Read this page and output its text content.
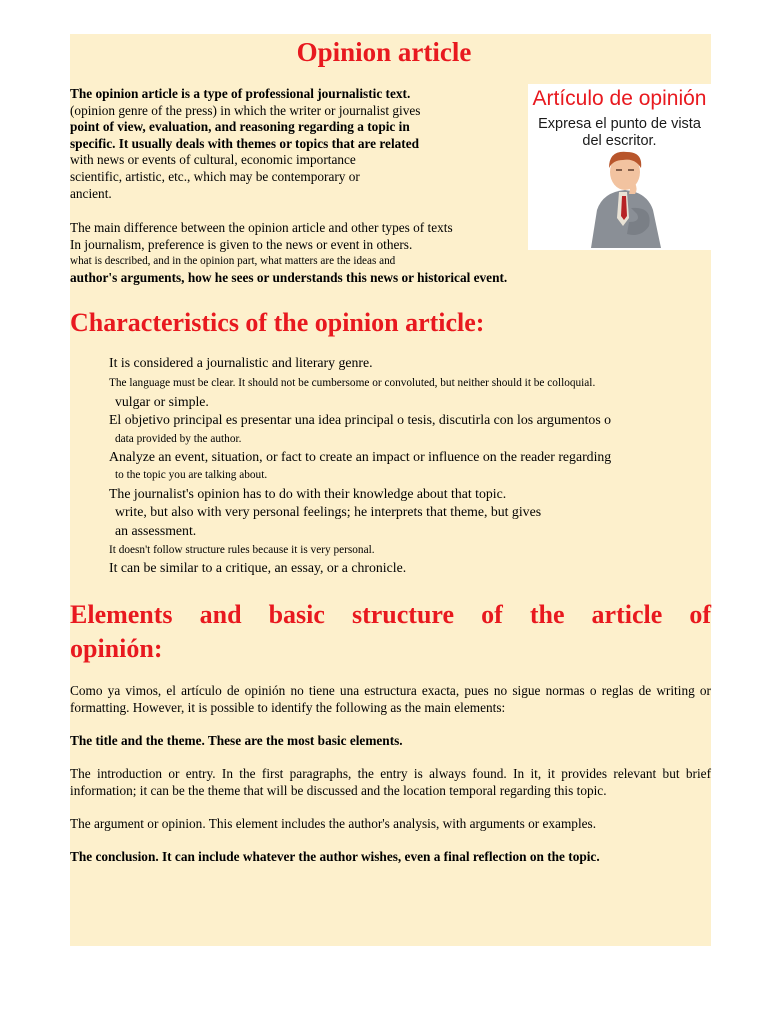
Opinion article

The opinion article is a type of professional journalistic text.

(opinion genre of the press) in which the writer or journalist gives

point of view, evaluation, and reasoning regarding a topic in

specific. It usually deals with themes or topics that are related

with news or events of cultural, economic importance

scientific, artistic, etc., which may be contemporary or

ancient.

The main difference between the opinion article and other types of texts

In journalism, preference is given to the news or event in others.

what is described, and in the opinion part, what matters are the ideas and

author's arguments, how he sees or understands this news or historical event.

Artículo de opinión
Expresa el punto de vista
del escritor.
Characteristics of the opinion article:
It is considered a journalistic and literary genre.
The language must be clear. It should not be cumbersome or convoluted, but neither should it be colloquial.
vulgar or simple.
El objetivo principal es presentar una idea principal o tesis, discutirla con los argumentos o
data provided by the author.
Analyze an event, situation, or fact to create an impact or influence on the reader regarding
to the topic you are talking about.
The journalist's opinion has to do with their knowledge about that topic.
write, but also with very personal feelings; he interprets that theme, but gives
an assessment.
It doesn't follow structure rules because it is very personal.
It can be similar to a critique, an essay, or a chronicle.
Elements and basic structure of the article of
opinión:

Como ya vimos, el artículo de opinión no tiene una estructura exacta, pues no sigue normas o reglas de writing or formatting. However, it is possible to identify the following as the main elements:

The title and the theme. These are the most basic elements.

The introduction or entry. In the first paragraphs, the entry is always found. In it, it provides relevant but brief information; it can be the theme that will be discussed and the location temporal regarding this topic.

The argument or opinion. This element includes the author's analysis, with arguments or examples.

The conclusion. It can include whatever the author wishes, even a final reflection on the topic.
